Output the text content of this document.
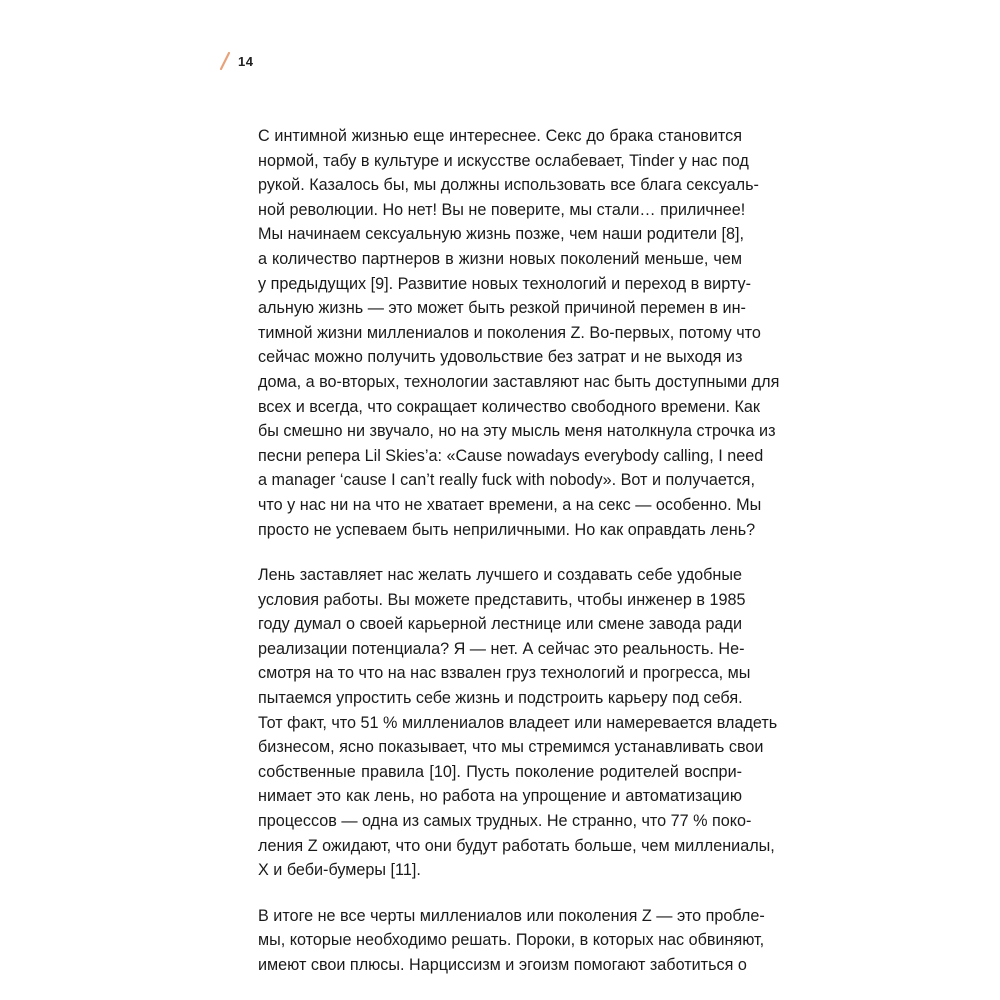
14

С интимной жизнью еще интереснее. Секс до брака становится
нормой, табу в культуре и искусстве ослабевает, Tinder у нас под
рукой. Казалось бы, мы должны использовать все блага сексуаль-
ной революции. Но нет! Вы не поверите, мы стали… приличнее!
Мы начинаем сексуальную жизнь позже, чем наши родители [8],
а количество партнеров в жизни новых поколений меньше, чем
у предыдущих [9]. Развитие новых технологий и переход в вирту-
альную жизнь — это может быть резкой причиной перемен в ин-
тимной жизни миллениалов и поколения Z. Во-первых, потому что
сейчас можно получить удовольствие без затрат и не выходя из
дома, а во-вторых, технологии заставляют нас быть доступными для
всех и всегда, что сокращает количество свободного времени. Как
бы смешно ни звучало, но на эту мысль меня натолкнула строчка из
песни репера Lil Skies’a: «Cause nowadays everybody calling, I need
a manager ‘cause I can’t really fuck with nobody». Вот и получается,
что у нас ни на что не хватает времени, а на секс — особенно. Мы
просто не успеваем быть неприличными. Но как оправдать лень?

Лень заставляет нас желать лучшего и создавать себе удобные
условия работы. Вы можете представить, чтобы инженер в 1985
году думал о своей карьерной лестнице или смене завода ради
реализации потенциала? Я — нет. А сейчас это реальность. Не-
смотря на то что на нас взвален груз технологий и прогресса, мы
пытаемся упростить себе жизнь и подстроить карьеру под себя.
Тот факт, что 51 % миллениалов владеет или намеревается владеть
бизнесом, ясно показывает, что мы стремимся устанавливать свои
собственные правила [10]. Пусть поколение родителей воспри-
нимает это как лень, но работа на упрощение и автоматизацию
процессов — одна из самых трудных. Не странно, что 77 % поко-
ления Z ожидают, что они будут работать больше, чем миллениалы,
X и беби-бумеры [11].

В итоге не все черты миллениалов или поколения Z — это пробле-
мы, которые необходимо решать. Пороки, в которых нас обвиняют,
имеют свои плюсы. Нарциссизм и эгоизм помогают заботиться о
